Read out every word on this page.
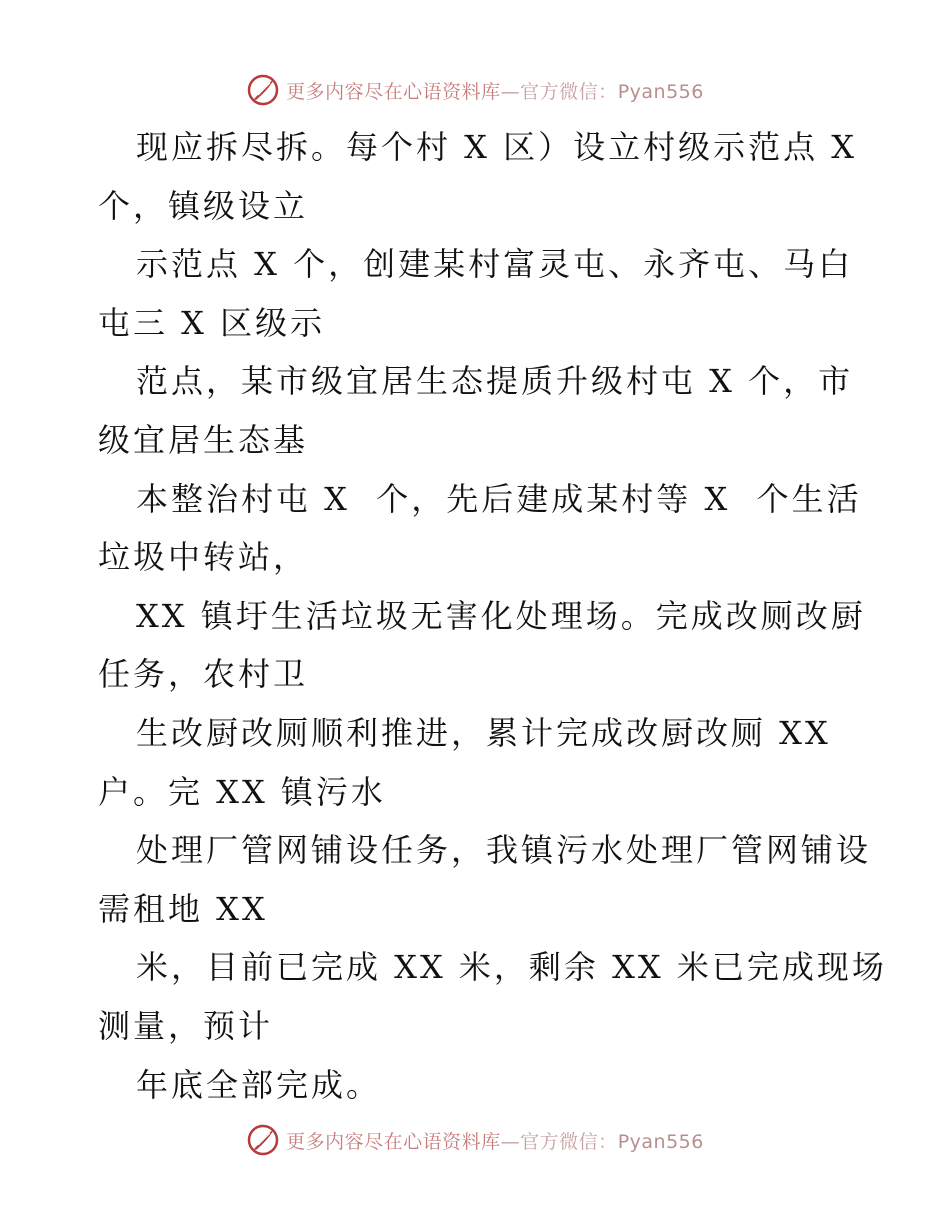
更多内容尽在心语资料库—官方微信：Pyan556
现应拆尽拆。每个村 X 区）设立村级示范点 X
个，镇级设立
示范点 X 个，创建某村富灵屯、永齐屯、马白
屯三 X 区级示
范点，某市级宜居生态提质升级村屯 X 个，市
级宜居生态基
本整治村屯 X  个，先后建成某村等 X  个生活
垃圾中转站，
XX 镇圩生活垃圾无害化处理场。完成改厕改厨
任务，农村卫
生改厨改厕顺利推进，累计完成改厨改厕 XX
户。完 XX 镇污水
处理厂管网铺设任务，我镇污水处理厂管网铺设
需租地 XX
米，目前已完成 XX 米，剩余 XX 米已完成现场
测量，预计
年底全部完成。
更多内容尽在心语资料库—官方微信：Pyan556
